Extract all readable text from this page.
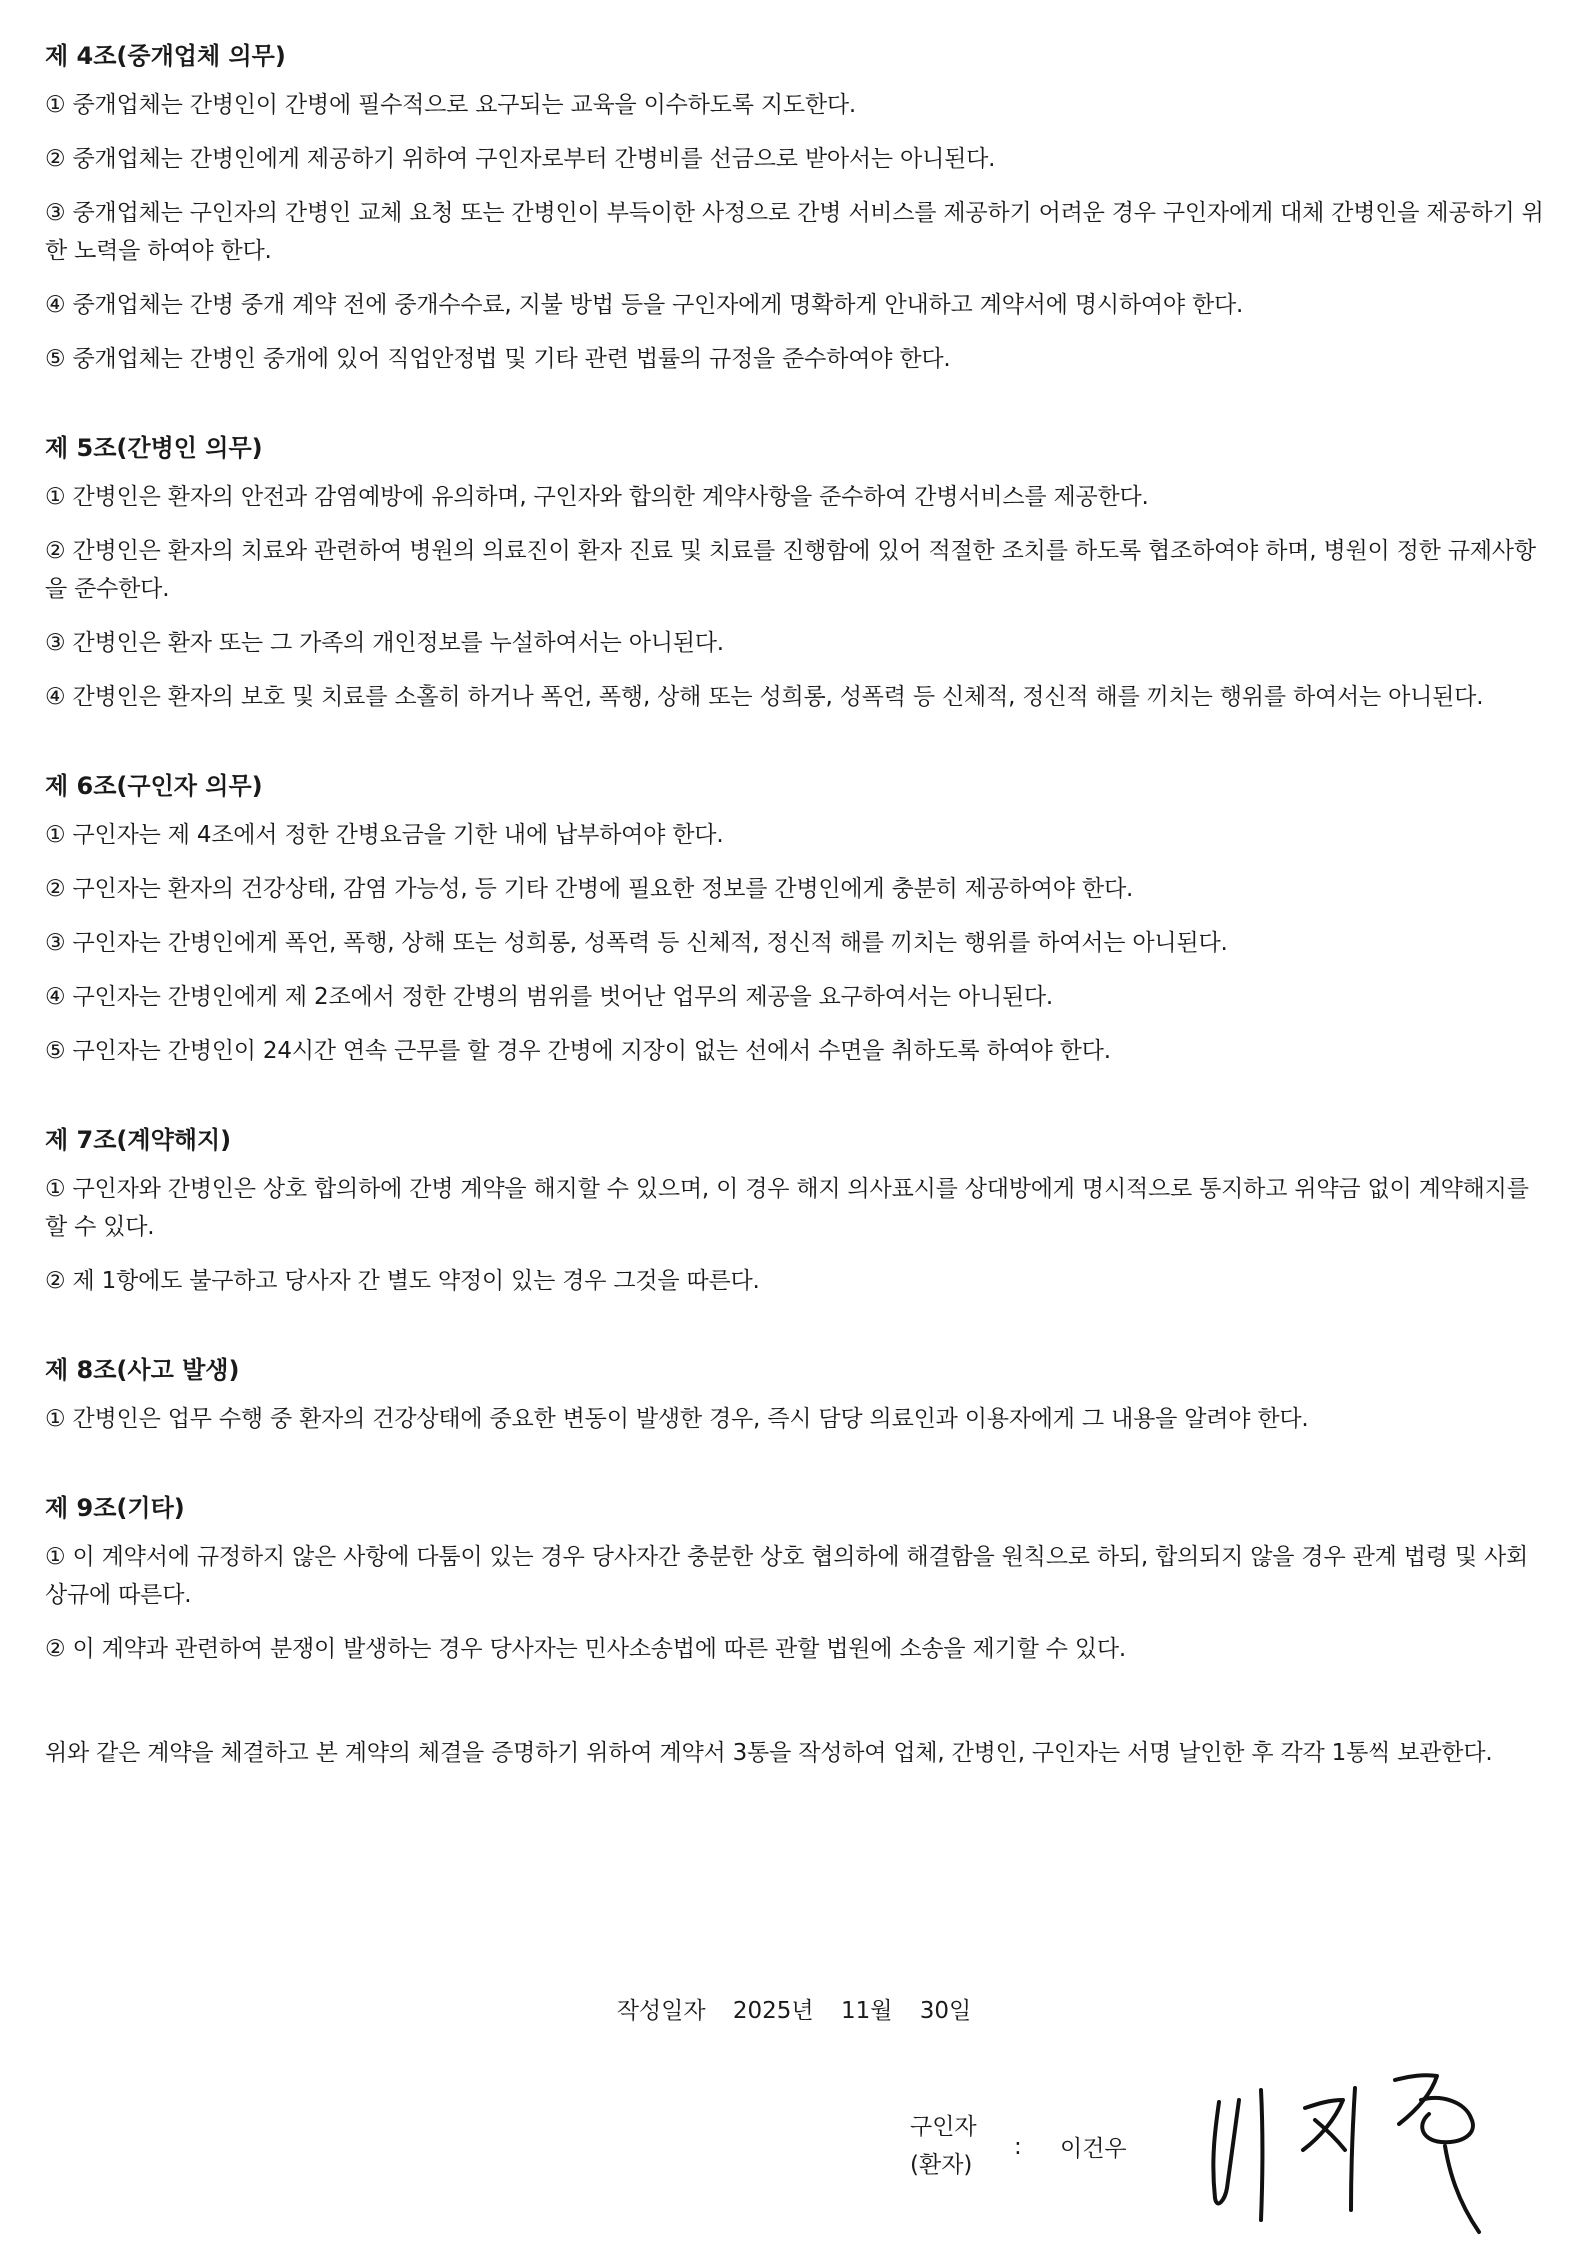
제 4조(중개업체 의무)

① 중개업체는 간병인이 간병에 필수적으로 요구되는 교육을 이수하도록 지도한다.

② 중개업체는 간병인에게 제공하기 위하여 구인자로부터 간병비를 선금으로 받아서는 아니된다.

③ 중개업체는 구인자의 간병인 교체 요청 또는 간병인이 부득이한 사정으로 간병 서비스를 제공하기 어려운 경우 구인자에게 대체 간병인을 제공하기 위한 노력을 하여야 한다.

④ 중개업체는 간병 중개 계약 전에 중개수수료, 지불 방법 등을 구인자에게 명확하게 안내하고 계약서에 명시하여야 한다.

⑤ 중개업체는 간병인 중개에 있어 직업안정법 및 기타 관련 법률의 규정을 준수하여야 한다.

제 5조(간병인 의무)

① 간병인은 환자의 안전과 감염예방에 유의하며, 구인자와 합의한 계약사항을 준수하여 간병서비스를 제공한다.

② 간병인은 환자의 치료와 관련하여 병원의 의료진이 환자 진료 및 치료를 진행함에 있어 적절한 조치를 하도록 협조하여야 하며, 병원이 정한 규제사항을 준수한다.

③ 간병인은 환자 또는 그 가족의 개인정보를 누설하여서는 아니된다.

④ 간병인은 환자의 보호 및 치료를 소홀히 하거나 폭언, 폭행, 상해 또는 성희롱, 성폭력 등 신체적, 정신적 해를 끼치는 행위를 하여서는 아니된다.

제 6조(구인자 의무)

① 구인자는 제 4조에서 정한 간병요금을 기한 내에 납부하여야 한다.

② 구인자는 환자의 건강상태, 감염 가능성, 등 기타 간병에 필요한 정보를 간병인에게 충분히 제공하여야 한다.

③ 구인자는 간병인에게 폭언, 폭행, 상해 또는 성희롱, 성폭력 등 신체적, 정신적 해를 끼치는 행위를 하여서는 아니된다.

④ 구인자는 간병인에게 제 2조에서 정한 간병의 범위를 벗어난 업무의 제공을 요구하여서는 아니된다.

⑤ 구인자는 간병인이 24시간 연속 근무를 할 경우 간병에 지장이 없는 선에서 수면을 취하도록 하여야 한다.

제 7조(계약해지)

① 구인자와 간병인은 상호 합의하에 간병 계약을 해지할 수 있으며, 이 경우 해지 의사표시를 상대방에게 명시적으로 통지하고 위약금 없이 계약해지를 할 수 있다.

② 제 1항에도 불구하고 당사자 간 별도 약정이 있는 경우 그것을 따른다.

제 8조(사고 발생)

① 간병인은 업무 수행 중 환자의 건강상태에 중요한 변동이 발생한 경우, 즉시 담당 의료인과 이용자에게 그 내용을 알려야 한다.

제 9조(기타)

① 이 계약서에 규정하지 않은 사항에 다툼이 있는 경우 당사자간 충분한 상호 협의하에 해결함을 원칙으로 하되, 합의되지 않을 경우 관계 법령 및 사회상규에 따른다.

② 이 계약과 관련하여 분쟁이 발생하는 경우 당사자는 민사소송법에 따른 관할 법원에 소송을 제기할 수 있다.

위와 같은 계약을 체결하고 본 계약의 체결을 증명하기 위하여 계약서 3통을 작성하여 업체, 간병인, 구인자는 서명 날인한 후 각각 1통씩 보관한다.

작성일자 2025년 11월 30일
구인자
(환자)
: 이건우
